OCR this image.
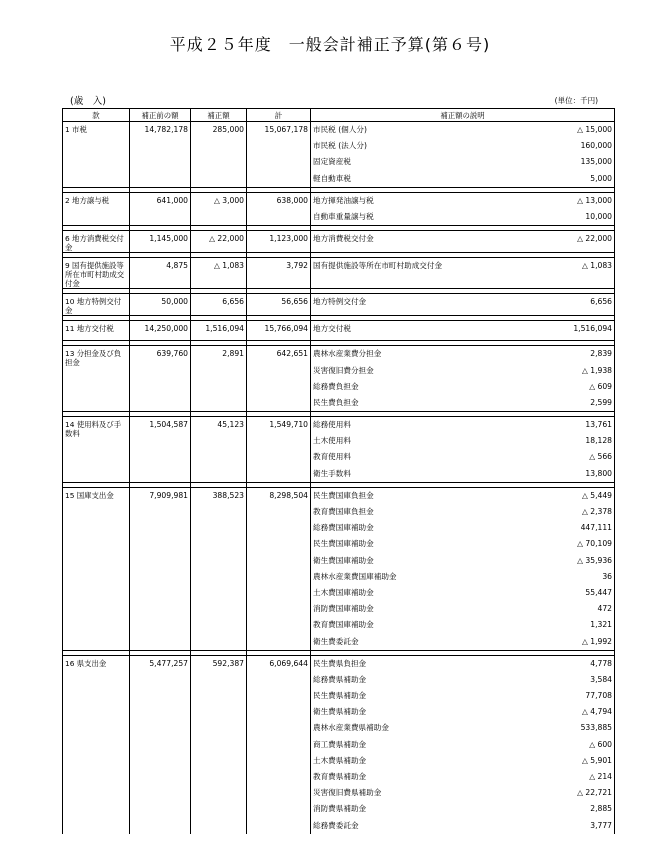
平成２５年度　一般会計補正予算(第６号)
(歳　入)	(単位：千円)
款	補正前の額	補正額	計	補正額の説明
1 市税	14,782,178	285,000	15,067,178	市民税 (個人分) △ 15,000

				市民税 (法人分) 160,000

				固定資産税 135,000

				軽自動車税 5,000

2 地方譲与税	641,000	△ 3,000	638,000	地方揮発油譲与税 △ 13,000

				自動車重量譲与税 10,000

6 地方消費税交付金	1,145,000	△ 22,000	1,123,000	地方消費税交付金 △ 22,000

9 国有提供施設等所在市町村助成交付金	4,875	△ 1,083	3,792	国有提供施設等所在市町村助成交付金 △ 1,083

10 地方特例交付金	50,000	6,656	56,656	地方特例交付金 6,656

11 地方交付税	14,250,000	1,516,094	15,766,094	地方交付税 1,516,094

13 分担金及び負担金	639,760	2,891	642,651	農林水産業費分担金 2,839

				災害復旧費分担金 △ 1,938

				総務費負担金 △ 609

				民生費負担金 2,599

14 使用料及び手数料	1,504,587	45,123	1,549,710	総務使用料 13,761

				土木使用料 18,128

				教育使用料 △ 566

				衛生手数料 13,800

15 国庫支出金	7,909,981	388,523	8,298,504	民生費国庫負担金 △ 5,449

				教育費国庫負担金 △ 2,378

				総務費国庫補助金 447,111

				民生費国庫補助金 △ 70,109

				衛生費国庫補助金 △ 35,936

				農林水産業費国庫補助金 36

				土木費国庫補助金 55,447

				消防費国庫補助金 472

				教育費国庫補助金 1,321

				衛生費委託金 △ 1,992

16 県支出金	5,477,257	592,387	6,069,644	民生費県負担金 4,778

				総務費県補助金 3,584

				民生費県補助金 77,708

				衛生費県補助金 △ 4,794

				農林水産業費県補助金 533,885

				商工費県補助金 △ 600

				土木費県補助金 △ 5,901

				教育費県補助金 △ 214

				災害復旧費県補助金 △ 22,721

				消防費県補助金 2,885

				総務費委託金 3,777
